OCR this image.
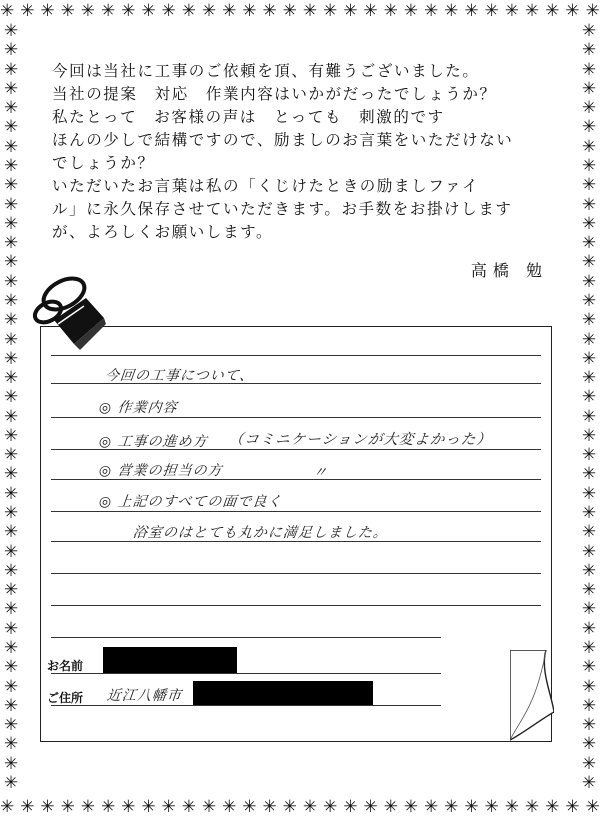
✳ ✳ ✳ ✳ ✳ ✳ ✳ ✳ ✳ ✳ ✳ ✳ ✳ ✳ ✳ ✳ ✳ ✳ ✳ ✳ ✳ ✳ ✳ ✳ ✳ ✳ ✳ ✳ ✳ ✳
✳ ✳ ✳ ✳ ✳ ✳ ✳ ✳ ✳ ✳ ✳ ✳ ✳ ✳ ✳ ✳ ✳ ✳ ✳ ✳ ✳ ✳ ✳ ✳ ✳ ✳ ✳ ✳ ✳ ✳
✳
✳
✳
✳
✳
✳
✳
✳
✳
✳
✳
✳
✳
✳
✳
✳
✳
✳
✳
✳
✳
✳
✳
✳
✳
✳
✳
✳
✳
✳
✳
✳
✳
✳
✳
✳
✳
✳
✳
✳
✳
✳
✳
✳
✳
✳
✳
✳
✳
✳
✳
✳
✳
✳
✳
✳
✳
✳
✳
✳
✳
✳
✳
✳
✳
✳
✳
✳
✳
✳
✳
✳
✳
✳
✳
✳
✳
✳
✳
✳

今回は当社に工事のご依頼を頂、有難うございました。

当社の提案　対応　作業内容はいかがだったでしょうか？

私たとって　お客様の声は　とっても　刺激的です

ほんの少しで結構ですので、励ましのお言葉をいただけない

でしょうか？

いただいたお言葉は私の「くじけたときの励ましファイ

ル」に永久保存させていただきます。お手数をお掛けします

が、よろしくお願いします。

高橋 勉
今回の工事について、
◎ 作業内容
◎ 工事の進め方 （コミニケーションが大変よかった）
◎ 営業の担当の方	〃
◎ 上記のすべての面で良く
浴室のはとても丸かに満足しました。
お名前
ご住所 近江八幡市
